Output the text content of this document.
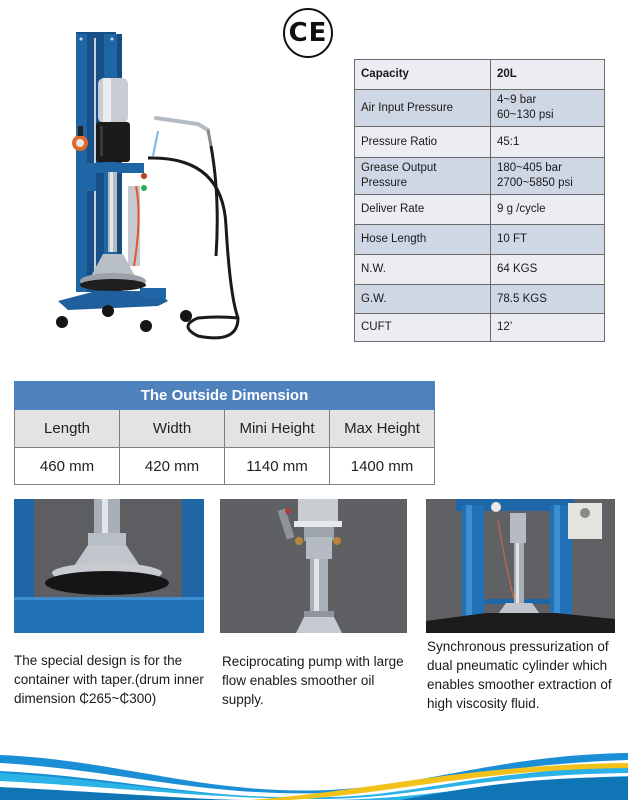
CE
Capacity	20L
Air Input Pressure	4~9 bar
60~130 psi

Pressure Ratio	45:1
Grease Output Pressure	180~405 bar
2700~5850 psi

Deliver Rate	9 g /cycle
Hose Length	10 FT
N.W.	64 KGS
G.W.	78.5 KGS
CUFT	12’
The Outside Dimension			
Length	Width	Mini Height	Max Height
460 mm	420 mm	1140 mm	1400 mm
The special design is for the container with taper.(drum inner dimension ₵265~₵300)
Reciprocating pump with large flow enables smoother oil supply.
Synchronous pressurization of dual pneumatic cylinder which enables smoother extraction of high viscosity fluid.
